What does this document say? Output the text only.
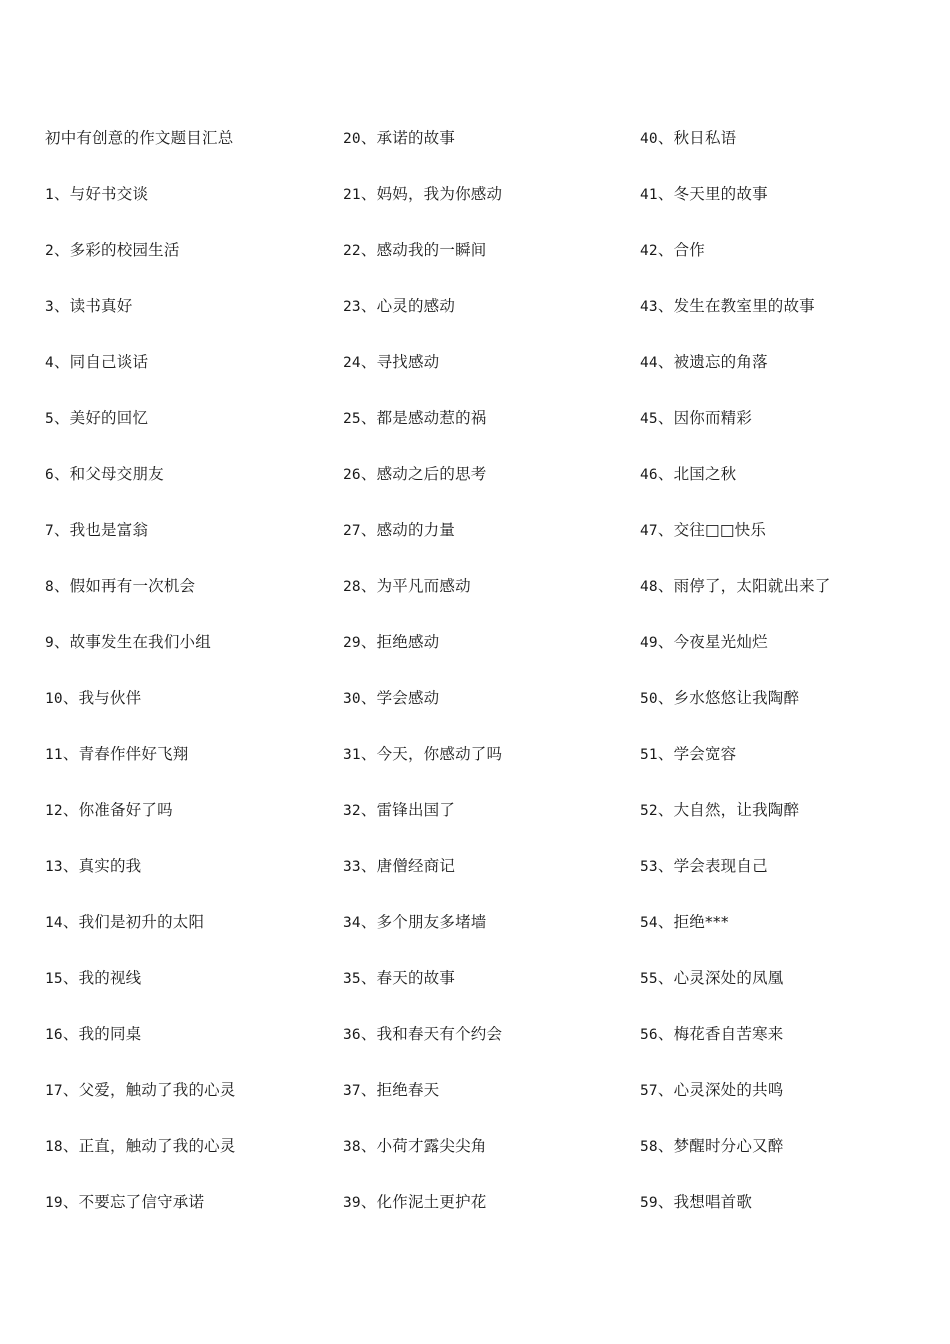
初中有创意的作文题目汇总
1、与好书交谈
2、多彩的校园生活
3、读书真好
4、同自己谈话
5、美好的回忆
6、和父母交朋友
7、我也是富翁
8、假如再有一次机会
9、故事发生在我们小组
10、我与伙伴
11、青春作伴好飞翔
12、你准备好了吗
13、真实的我
14、我们是初升的太阳
15、我的视线
16、我的同桌
17、父爱，触动了我的心灵
18、正直，触动了我的心灵
19、不要忘了信守承诺
20、承诺的故事
21、妈妈，我为你感动
22、感动我的一瞬间
23、心灵的感动
24、寻找感动
25、都是感动惹的祸
26、感动之后的思考
27、感动的力量
28、为平凡而感动
29、拒绝感动
30、学会感动
31、今天，你感动了吗
32、雷锋出国了
33、唐僧经商记
34、多个朋友多堵墙
35、春天的故事
36、我和春天有个约会
37、拒绝春天
38、小荷才露尖尖角
39、化作泥土更护花
40、秋日私语
41、冬天里的故事
42、合作
43、发生在教室里的故事
44、被遗忘的角落
45、因你而精彩
46、北国之秋
47、交往□□快乐
48、雨停了，太阳就出来了
49、今夜星光灿烂
50、乡水悠悠让我陶醉
51、学会宽容
52、大自然，让我陶醉
53、学会表现自己
54、拒绝***
55、心灵深处的凤凰
56、梅花香自苦寒来
57、心灵深处的共鸣
58、梦醒时分心又醉
59、我想唱首歌
